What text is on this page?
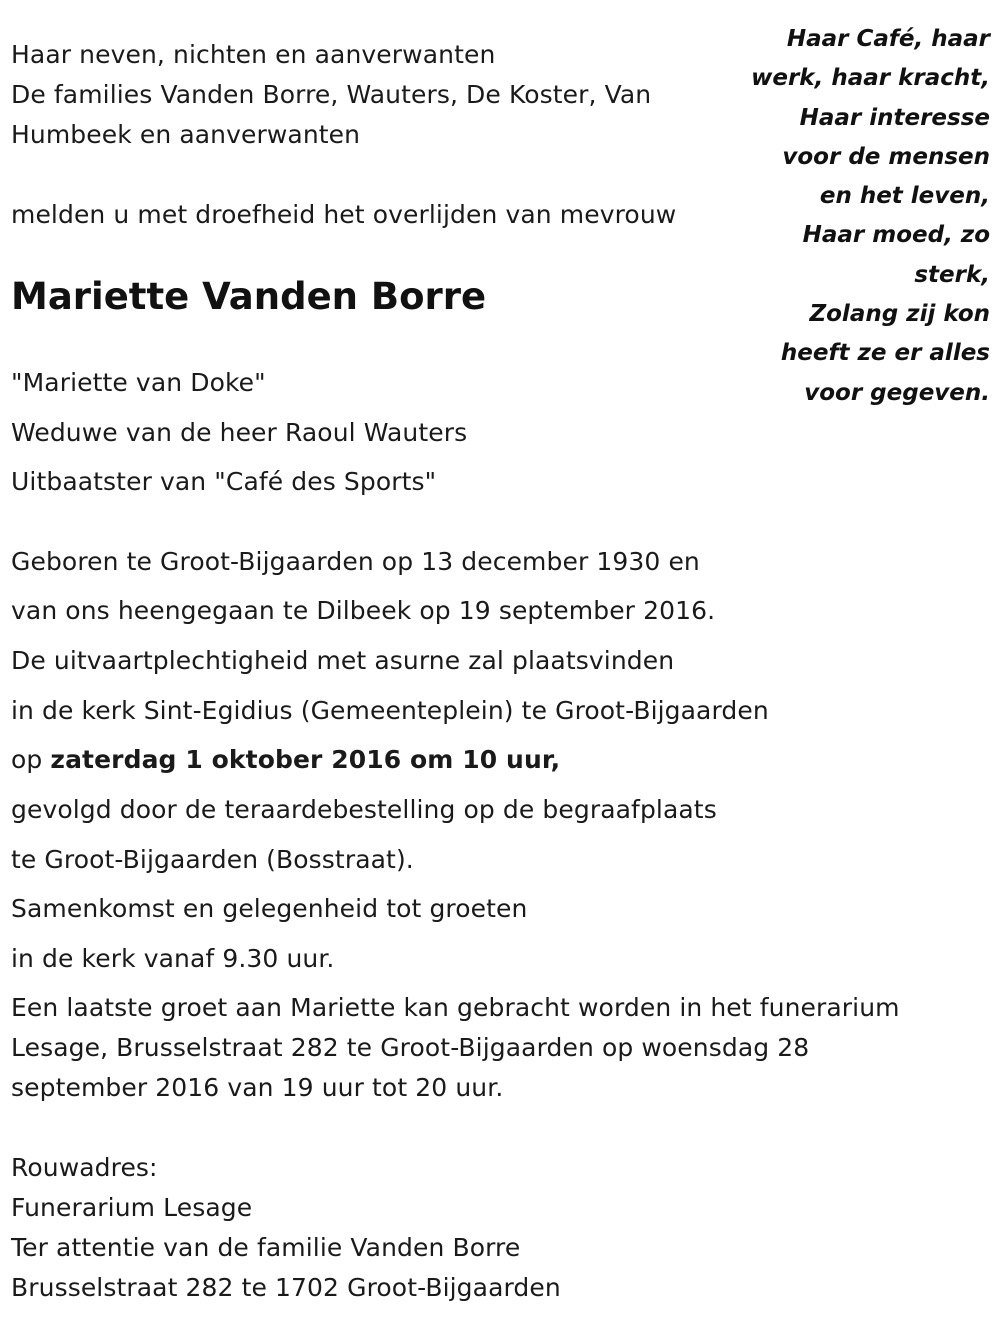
Haar neven, nichten en aanverwanten
De families Vanden Borre, Wauters, De Koster, Van
Humbeek en aanverwanten
melden u met droefheid het overlijden van mevrouw
Mariette Vanden Borre
"Mariette van Doke"
Weduwe van de heer Raoul Wauters
Uitbaatster van "Café des Sports"
Geboren te Groot-Bijgaarden op 13 december 1930 en
van ons heengegaan te Dilbeek op 19 september 2016.
De uitvaartplechtigheid met asurne zal plaatsvinden
in de kerk Sint-Egidius (Gemeenteplein) te Groot-Bijgaarden
op zaterdag 1 oktober 2016 om 10 uur,
gevolgd door de teraardebestelling op de begraafplaats
te Groot-Bijgaarden (Bosstraat).
Samenkomst en gelegenheid tot groeten
in de kerk vanaf 9.30 uur.
Een laatste groet aan Mariette kan gebracht worden in het funerarium
Lesage, Brusselstraat 282 te Groot-Bijgaarden op woensdag 28
september 2016 van 19 uur tot 20 uur.
Rouwadres:
Funerarium Lesage
Ter attentie van de familie Vanden Borre
Brusselstraat 282 te 1702 Groot-Bijgaarden
Haar Café, haar
werk, haar kracht,
Haar interesse
voor de mensen
en het leven,
Haar moed, zo
sterk,
Zolang zij kon
heeft ze er alles
voor gegeven.
